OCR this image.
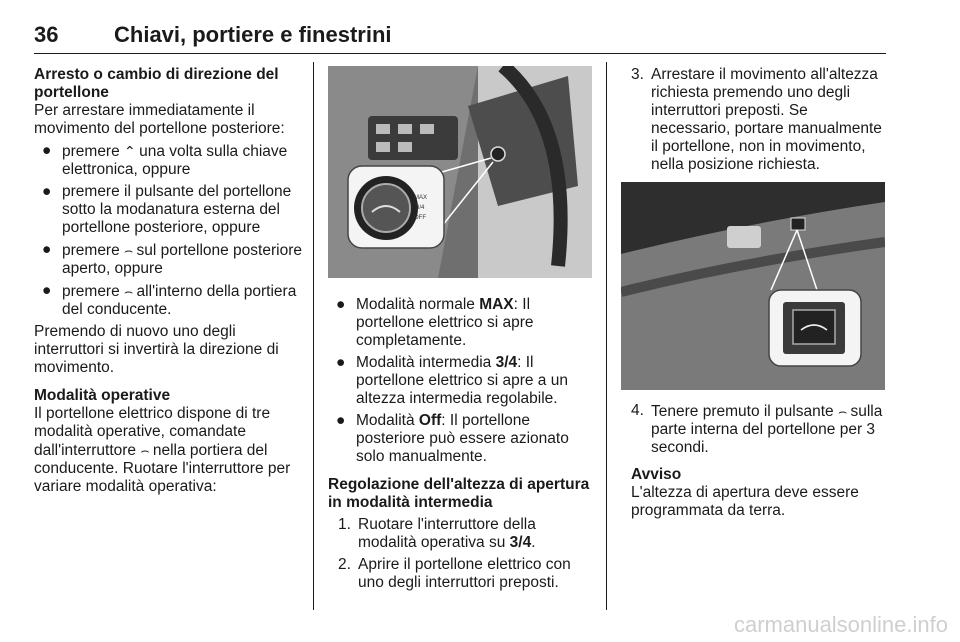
36	Chiavi, portiere e finestrini

Arresto o cambio di direzione del portellone

Per arrestare immediatamente il movimento del portellone posteriore:

● premere ⌃ una volta sulla chiave elettronica, oppure
● premere il pulsante del portellone sotto la modanatura esterna del portellone posteriore, oppure
● premere ⌢ sul portellone posteriore aperto, oppure
● premere ⌢ all'interno della portiera del conducente.

Premendo di nuovo uno degli interruttori si invertirà la direzione di movimento.

Modalità operative

Il portellone elettrico dispone di tre modalità operative, comandate dall'interruttore ⌢ nella portiera del conducente. Ruotare l'interruttore per variare modalità operativa:

MAX
3/4
OFF
● Modalità normale MAX: Il portellone elettrico si apre completamente.
● Modalità intermedia 3/4: Il portellone elettrico si apre a un altezza intermedia regolabile.
● Modalità Off: Il portellone posteriore può essere azionato solo manualmente.

Regolazione dell'altezza di apertura in modalità intermedia

1. Ruotare l'interruttore della modalità operativa su 3/4.
2. Aprire il portellone elettrico con uno degli interruttori preposti.
3. Arrestare il movimento all'altezza richiesta premendo uno degli interruttori preposti. Se necessario, portare manualmente il portellone, non in movimento, nella posizione richiesta.
4. Tenere premuto il pulsante ⌢ sulla parte interna del portellone per 3 secondi.

Avviso

L'altezza di apertura deve essere programmata da terra.

carmanualsonline.info
